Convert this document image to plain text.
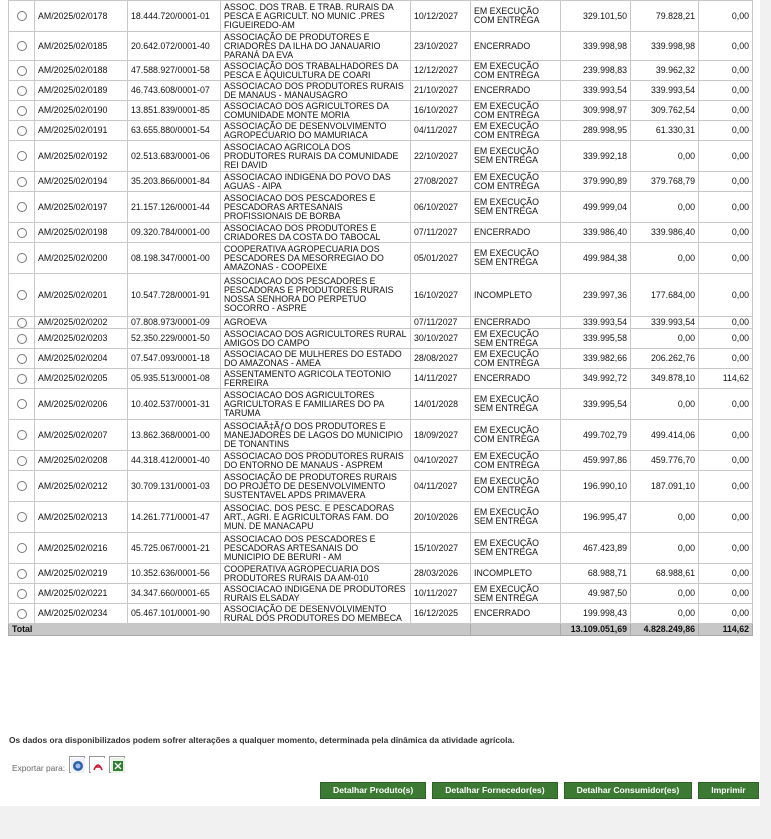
	AM/2025/02/0178	18.444.720/0001-01	ASSOC. DOS TRAB. E TRAB. RURAIS DA PESCA E AGRICULT. NO MUNIC .PRES FIGUEIREDO-AM	10/12/2027	EM EXECUÇÃO COM ENTREGA	329.101,50	79.828,21	0,00
	AM/2025/02/0185	20.642.072/0001-40	ASSOCIAÇÃO DE PRODUTORES E CRIADORES DA ILHA DO JANAUARIO PARANÁ DA EVA	23/10/2027	ENCERRADO	339.998,98	339.998,98	0,00
	AM/2025/02/0188	47.588.927/0001-58	ASSOCIAÇÃO DOS TRABALHADORES DA PESCA E AQUICULTURA DE COARI	12/12/2027	EM EXECUÇÃO COM ENTREGA	239.998,83	39.962,32	0,00
	AM/2025/02/0189	46.743.608/0001-07	ASSOCIACAO DOS PRODUTORES RURAIS DE MANAUS - MANAUSAGRO	21/10/2027	ENCERRADO	339.993,54	339.993,54	0,00
	AM/2025/02/0190	13.851.839/0001-85	ASSOCIACAO DOS AGRICULTORES DA COMUNIDADE MONTE MORIA	16/10/2027	EM EXECUÇÃO COM ENTREGA	309.998,97	309.762,54	0,00
	AM/2025/02/0191	63.655.880/0001-54	ASSOCIAÇÃO DE DESENVOLVIMENTO AGROPECUARIO DO MAMURIACA	04/11/2027	EM EXECUÇÃO COM ENTREGA	289.998,95	61.330,31	0,00
	AM/2025/02/0192	02.513.683/0001-06	ASSOCIACAO AGRICOLA DOS PRODUTORES RURAIS DA COMUNIDADE REI DAVID	22/10/2027	EM EXECUÇÃO SEM ENTREGA	339.992,18	0,00	0,00
	AM/2025/02/0194	35.203.866/0001-84	ASSOCIACAO INDIGENA DO POVO DAS AGUAS - AIPA	27/08/2027	EM EXECUÇÃO COM ENTREGA	379.990,89	379.768,79	0,00
	AM/2025/02/0197	21.157.126/0001-44	ASSOCIACAO DOS PESCADORES E PESCADORAS ARTESANAIS PROFISSIONAIS DE BORBA	06/10/2027	EM EXECUÇÃO SEM ENTREGA	499.999,04	0,00	0,00
	AM/2025/02/0198	09.320.784/0001-00	ASSOCIACAO DOS PRODUTORES E CRIADORES DA COSTA DO TABOCAL	07/11/2027	ENCERRADO	339.986,40	339.986,40	0,00
	AM/2025/02/0200	08.198.347/0001-00	COOPERATIVA AGROPECUARIA DOS PESCADORES DA MESORREGIAO DO AMAZONAS - COOPEIXE	05/01/2027	EM EXECUÇÃO SEM ENTREGA	499.984,38	0,00	0,00
	AM/2025/02/0201	10.547.728/0001-91	ASSOCIACAO DOS PESCADORES E PESCADORAS E PRODUTORES RURAIS NOSSA SENHORA DO PERPETUO SOCORRO - ASPRE	16/10/2027	INCOMPLETO	239.997,36	177.684,00	0,00
	AM/2025/02/0202	07.808.973/0001-09	AGROEVA	07/11/2027	ENCERRADO	339.993,54	339.993,54	0,00
	AM/2025/02/0203	52.350.229/0001-50	ASSOCIACAO DOS AGRICULTORES RURAL AMIGOS DO CAMPO	30/10/2027	EM EXECUÇÃO SEM ENTREGA	339.995,58	0,00	0,00
	AM/2025/02/0204	07.547.093/0001-18	ASSOCIACAO DE MULHERES DO ESTADO DO AMAZONAS - AMEA	28/08/2027	EM EXECUÇÃO COM ENTREGA	339.982,66	206.262,76	0,00
	AM/2025/02/0205	05.935.513/0001-08	ASSENTAMENTO AGRICOLA TEOTONIO FERREIRA	14/11/2027	ENCERRADO	349.992,72	349.878,10	114,62
	AM/2025/02/0206	10.402.537/0001-31	ASSOCIACAO DOS AGRICULTORES AGRICULTORAS E FAMILIARES DO PA TARUMA	14/01/2028	EM EXECUÇÃO SEM ENTREGA	339.995,54	0,00	0,00
	AM/2025/02/0207	13.862.368/0001-00	ASSOCIAÃ‡ÃƒO DOS PRODUTORES E MANEJADORES DE LAGOS DO MUNICIPIO DE TONANTINS	18/09/2027	EM EXECUÇÃO COM ENTREGA	499.702,79	499.414,06	0,00
	AM/2025/02/0208	44.318.412/0001-40	ASSOCIACAO DOS PRODUTORES RURAIS DO ENTORNO DE MANAUS - ASPREM	04/10/2027	EM EXECUÇÃO COM ENTREGA	459.997,86	459.776,70	0,00
	AM/2025/02/0212	30.709.131/0001-03	ASSOCIAÇÃO DE PRODUTORES RURAIS DO PROJETO DE DESENVOLVIMENTO SUSTENTAVEL APDS PRIMAVERA	04/11/2027	EM EXECUÇÃO COM ENTREGA	196.990,10	187.091,10	0,00
	AM/2025/02/0213	14.261.771/0001-47	ASSOCIAC. DOS PESC. E PESCADORAS ART., AGRI. E AGRICULTORAS FAM. DO MUN. DE MANACAPU	20/10/2026	EM EXECUÇÃO SEM ENTREGA	196.995,47	0,00	0,00
	AM/2025/02/0216	45.725.067/0001-21	ASSOCIACAO DOS PESCADORES E PESCADORAS ARTESANAIS DO MUNICIPIO DE BERURI - AM	15/10/2027	EM EXECUÇÃO SEM ENTREGA	467.423,89	0,00	0,00
	AM/2025/02/0219	10.352.636/0001-56	COOPERATIVA AGROPECUARIA DOS PRODUTORES RURAIS DA AM-010	28/03/2026	INCOMPLETO	68.988,71	68.988,61	0,00
	AM/2025/02/0221	34.347.660/0001-65	ASSOCIACAO INDIGENA DE PRODUTORES RURAIS ELSADAY	10/11/2027	EM EXECUÇÃO SEM ENTREGA	49.987,50	0,00	0,00
	AM/2025/02/0234	05.467.101/0001-90	ASSOCIAÇÃO DE DESENVOLVIMENTO RURAL DOS PRODUTORES DO MEMBECA	16/12/2025	ENCERRADO	199.998,43	0,00	0,00
Total						13.109.051,69	4.828.249,86	114,62
Os dados ora disponibilizados podem sofrer alterações a qualquer momento, determinada pela dinâmica da atividade agrícola.
Exportar para:
Detalhar Produto(s)	Detalhar Fornecedor(es)	Detalhar Consumidor(es)	Imprimir
